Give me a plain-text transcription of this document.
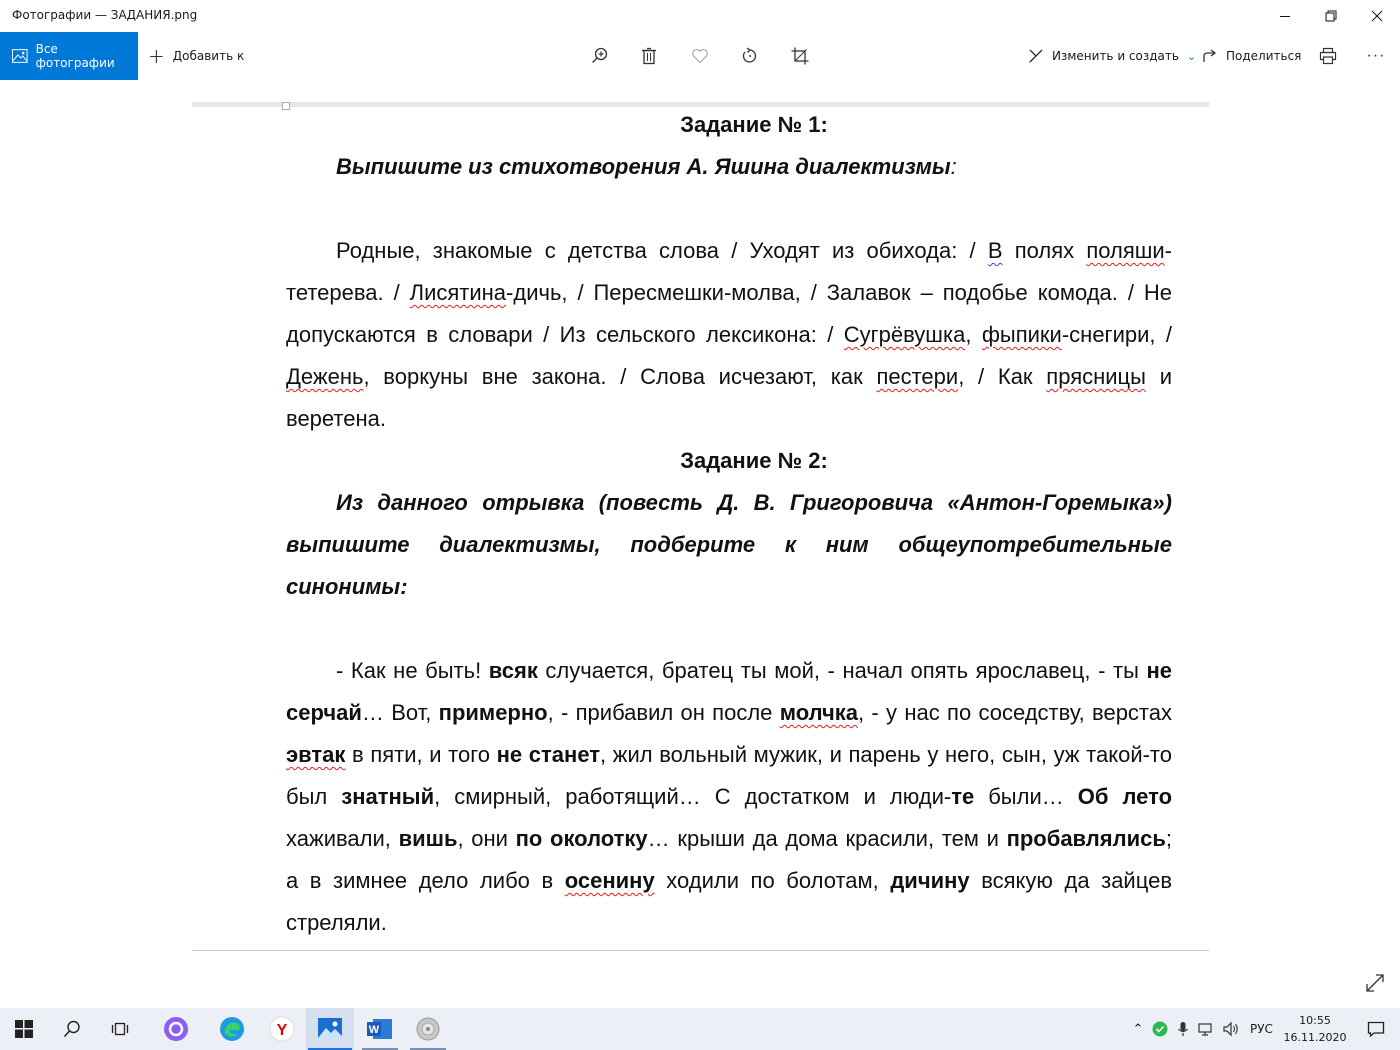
Фотографии — ЗАДАНИЯ.png
Все фотографии	+ Добавить к	Изменить и создать ⌄ Поделиться	···

Задание № 1:

Выпишите из стихотворения А. Яшина диалектизмы:

Родные, знакомые с детства слова / Уходят из обихода: / В полях поляши-тетерева. / Лисятина-дичь, / Пересмешки-молва, / Залавок – подобье комода. / Не допускаются в словари / Из сельского лексикона: / Сугрёвушка, фыпики-снегири, / Дежень, воркуны вне закона. / Слова исчезают, как пестери, / Как прясницы и веретена.

Задание № 2:

Из данного отрывка (повесть Д. В. Григоровича «Антон-Горемыка») выпишите диалектизмы, подберите к ним общеупотребительные синонимы:

- Как не быть! всяк случается, братец ты мой, - начал опять ярославец, - ты не серчай… Вот, примерно, - прибавил он после молчка, - у нас по соседству, верстах эвтак в пяти, и того не станет, жил вольный мужик, и парень у него, сын, уж такой-то был знатный, смирный, работящий… С достатком и люди-те были… Об лето хаживали, вишь, они по околотку… крыши да дома красили, тем и пробавлялись; а в зимнее дело либо в осенину ходили по болотам, дичину всякую да зайцев стреляли.

Y	W	⌃	РУС
10:55
16.11.2020
